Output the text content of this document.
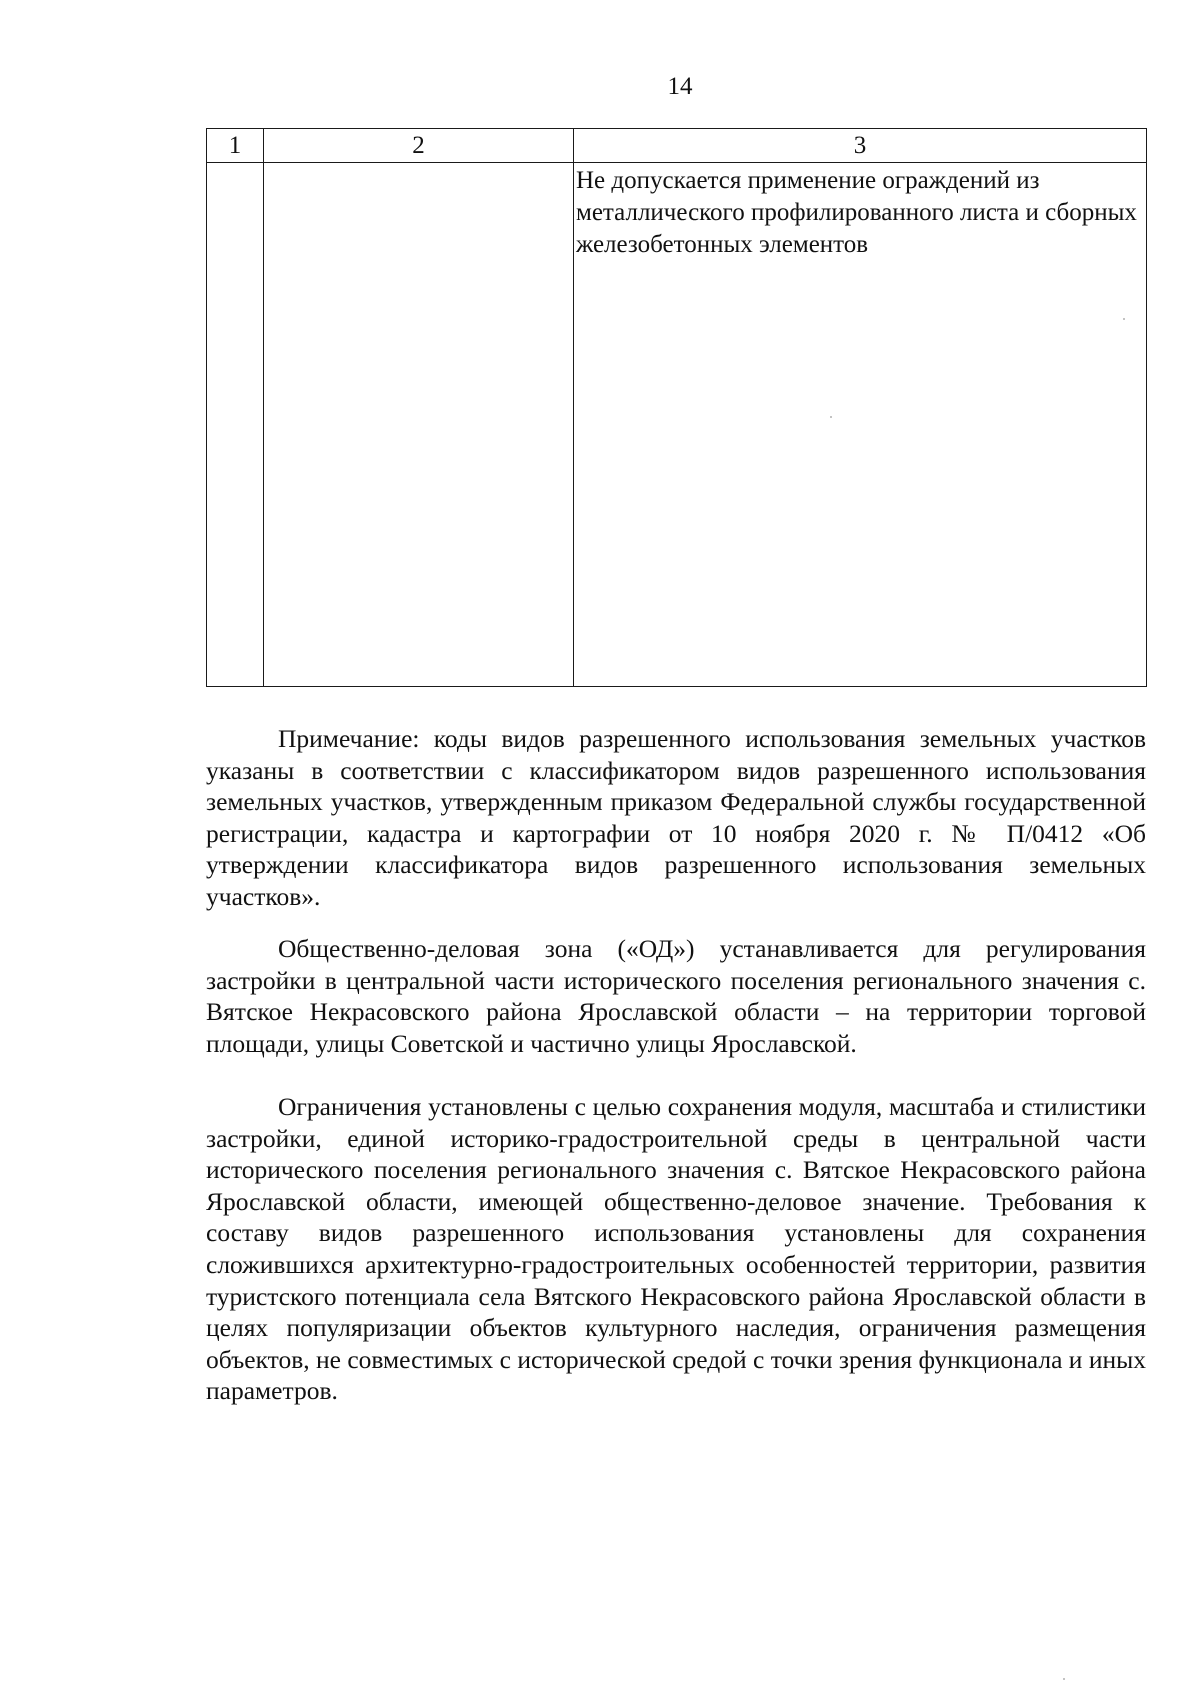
14
1	2	3

		Не допускается применение ограждений из металлического профилированного листа и сборных железобетонных элементов

Примечание: коды видов разрешенного использования земельных участков указаны в соответствии с классификатором видов разрешенного использования земельных участков, утвержденным приказом Федеральной службы государственной регистрации, кадастра и картографии от 10 ноября 2020 г. № П/0412 «Об утверждении классификатора видов разрешенного использования земельных участков».

Общественно-деловая зона («ОД») устанавливается для регулирования застройки в центральной части исторического поселения регионального значения с. Вятское Некрасовского района Ярославской области – на территории торговой площади, улицы Советской и частично улицы Ярославской.

Ограничения установлены с целью сохранения модуля, масштаба и стилистики застройки, единой историко-градостроительной среды в центральной части исторического поселения регионального значения с. Вятское Некрасовского района Ярославской области, имеющей общественно-деловое значение. Требования к составу видов разрешенного использования установлены для сохранения сложившихся архитектурно-градостроительных особенностей территории, развития туристского потенциала села Вятского Некрасовского района Ярославской области в целях популяризации объектов культурного наследия, ограничения размещения объектов, не совместимых с исторической средой с точки зрения функционала и иных параметров.
